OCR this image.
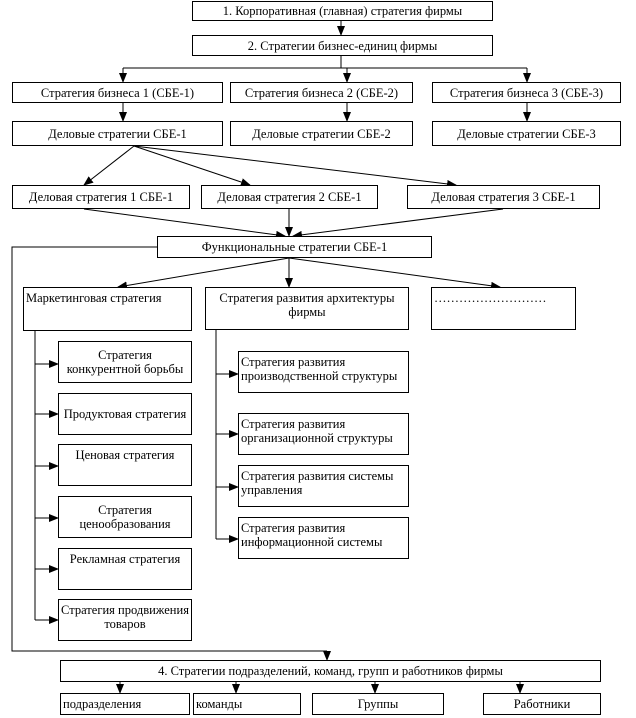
1. Корпоративная (главная) стратегия фирмы
2. Стратегии бизнес-единиц фирмы
Стратегия бизнеса 1 (СБЕ-1)	Стратегия бизнеса 2 (СБЕ-2)	Стратегия бизнеса 3 (СБЕ-3)
Деловые стратегии СБЕ-1	Деловые стратегии СБЕ-2	Деловые стратегии СБЕ-3
Деловая стратегия 1 СБЕ-1	Деловая стратегия 2 СБЕ-1	Деловая стратегия 3 СБЕ-1
Функциональные стратегии СБЕ-1
Маркетинговая стратегия	Стратегия развития архитектуры фирмы
………………………
Стратегия конкурентной борьбы
Продуктовая стратегия
Ценовая стратегия
Стратегия ценообразования
Рекламная стратегия
Стратегия продвижения товаров
Стратегия развития производственной структуры
Стратегия развития организационной структуры
Стратегия развития системы управления
Стратегия развития информационной системы
4. Стратегии подразделений, команд, групп и работников фирмы
подразделения	команды	Группы	Работники
